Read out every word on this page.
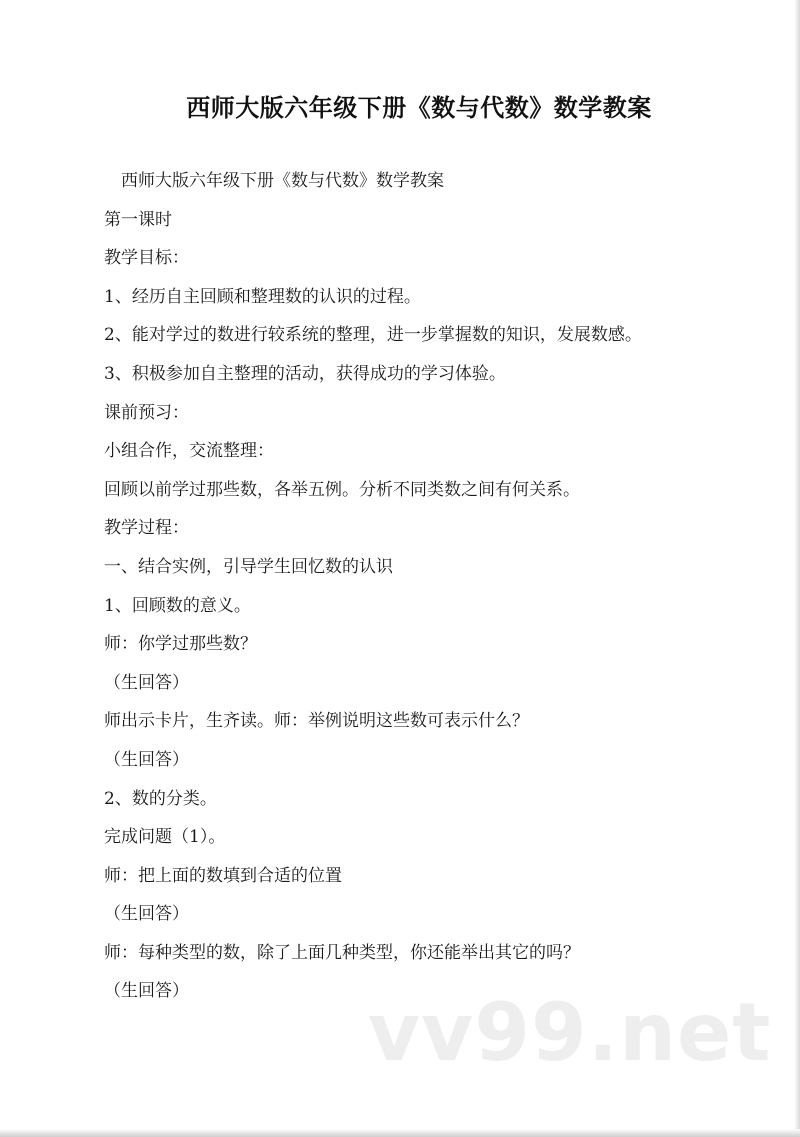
西师大版六年级下册《数与代数》数学教案
西师大版六年级下册《数与代数》数学教案
第一课时
教学目标：
1、经历自主回顾和整理数的认识的过程。
2、能对学过的数进行较系统的整理，进一步掌握数的知识，发展数感。
3、积极参加自主整理的活动，获得成功的学习体验。
课前预习：
小组合作，交流整理：
回顾以前学过那些数，各举五例。分析不同类数之间有何关系。
教学过程：
一、结合实例，引导学生回忆数的认识
1、回顾数的意义。
师：你学过那些数？
（生回答）
师出示卡片，生齐读。师：举例说明这些数可表示什么？
（生回答）
2、数的分类。
完成问题（1）。
师：把上面的数填到合适的位置
（生回答）
师：每种类型的数，除了上面几种类型，你还能举出其它的吗？
（生回答）	vv99.net
